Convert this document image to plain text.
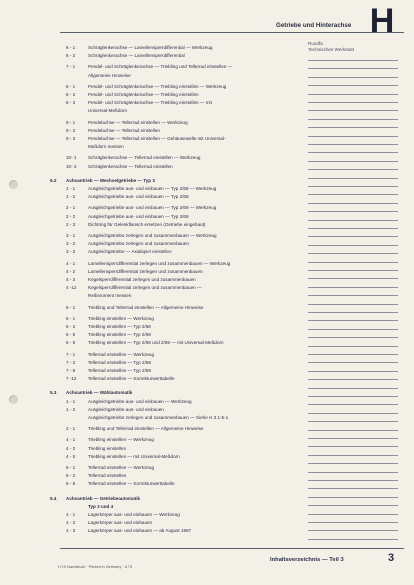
Getriebe und Hinterachse H
Rundfa
Technisches Werkstatt
6 - 1	Schräglenkerachse — Lamellensperrdifferential — Werkzeug
6 - 2	Schräglenkerachse — Lamellensperrdifferential
7 - 1	Pendel- und Schräglenkerachse — Triebling und Tellerrad einstellen —
Allgemeine Hinweise
8 - 1	Pendel- und Schräglenkerachse — Triebling einstellen — Werkzeug
8 - 2	Pendel- und Schräglenkerachse — Triebling einstellen
8 - 3	Pendel- und Schräglenkerachse — Triebling einstellen — mit
Universal-Meßdorn
9 - 1	Pendelachse — Tellerrad einstellen — Werkzeug
9 - 2	Pendelachse — Tellerrad einstellen
9 - 3	Pendelachse — Tellerrad einstellen — Gehäusewelle mit Universal-
Meßdorn messen
10- 1	Schräglenkerachse — Tellerrad einstellen — Werkzeug
10- 2	Schräglenkerachse — Tellerrad einstellen
5.2 Achsantrieb — Wechselgetriebe — Typ 3
1 - 1	Ausgleichgetriebe aus- und einbauen — Typ 2/68 — Werkzeug
1 - 2	Ausgleichgetriebe aus- und einbauen — Typ 2/68
2 - 1	Ausgleichgetriebe aus- und einbauen — Typ 2/69 — Werkzeug
2 - 2	Ausgleichgetriebe aus- und einbauen — Typ 2/69
2 - 3	Dichtring für Gelenkflansch ersetzen (Getriebe eingebaut)
3 - 1	Ausgleichgetriebe zerlegen und zusammenbauen — Werkzeug
3 - 2	Ausgleichgetriebe zerlegen und zusammenbauen
3 - 3	Ausgleichgetriebe — Axialspiel einstellen
4 - 1	Lamellensperrdifferential zerlegen und zusammenbauen — Werkzeug
4 - 2	Lamellensperrdifferential zerlegen und zusammenbauen
4 - 3	Kegelsperrdifferential zerlegen und zusammenbauen
4 -12	Kegelsperrdifferential zerlegen und zusammenbauen —
Reibmoment messen
5 - 1	Triebling und Tellerrad einstellen — Allgemeine Hinweise
6 - 1	Triebling einstellen — Werkzeug
6 - 2	Triebling einstellen — Typ 2/68
6 - 5	Triebling einstellen — Typ 2/69
6 - 8	Triebling einstellen — Typ 2/68 und 2/69 — mit Universal-Meßdorn
7 - 1	Tellerrad einstellen — Werkzeug
7 - 2	Tellerrad einstellen — Typ 2/68
7 - 8	Tellerrad einstellen — Typ 2/69
7 -12	Tellerrad einstellen — Korrekturwerttabelle
5.3 Achsantrieb — Wählautomatik
1 - 1	Ausgleichgetriebe aus- und einbauen — Werkzeug
1 - 2	Ausgleichgetriebe aus- und einbauen
Ausgleichgetriebe zerlegen und zusammenbauen — Siehe H 3.1-5-1
2 - 1	Triebling und Tellerrad einstellen — Allgemeine Hinweise
4 - 1	Triebling einstellen — Werkzeug
4 - 2	Triebling einstellen
4 - 5	Triebling einstellen — mit Universal-Meßdorn
5 - 1	Tellerrad einstellen — Werkzeug
5 - 2	Tellerrad einstellen
5 - 6	Tellerrad einstellen — Korrekturwerttabelle
5.4 Achsantrieb — Getriebeautomatik
Typ 3 und 4
1 - 1	Lagerkörper aus- und einbauen — Werkzeug
1 - 2	Lagerkörper aus- und einbauen
1 - 3	Lagerkörper aus- und einbauen — ab August 1967
H 10 Nachdruck · Printed in Germany · 8.73
Inhaltsverzeichnis — Teil 3	3
